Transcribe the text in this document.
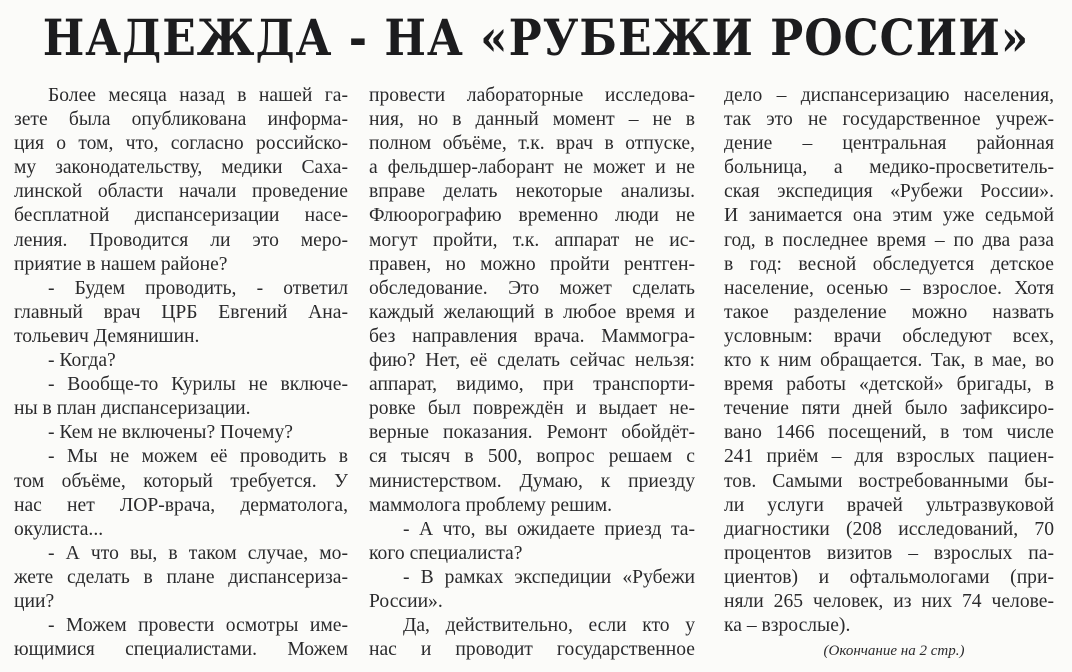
НАДЕЖДА - НА «РУБЕЖИ РОССИИ»
Более месяца назад в нашей га-
зете была опубликована информа-
ция о том, что, согласно российско-
му законодательству, медики Саха-
линской области начали проведение
бесплатной диспансеризации насе-
ления. Проводится ли это меро-
приятие в нашем районе?
- Будем проводить, - ответил
главный врач ЦРБ Евгений Ана-
тольевич Демянишин.
- Когда?
- Вообще-то Курилы не включе-
ны в план диспансеризации.
- Кем не включены? Почему?
- Мы не можем её проводить в
том объёме, который требуется. У
нас нет ЛОР-врача, дерматолога,
окулиста...
- А что вы, в таком случае, мо-
жете сделать в плане диспансериза-
ции?
- Можем провести осмотры име-
ющимися специалистами. Можем
провести лабораторные исследова-
ния, но в данный момент – не в
полном объёме, т.к. врач в отпуске,
а фельдшер-лаборант не может и не
вправе делать некоторые анализы.
Флюорографию временно люди не
могут пройти, т.к. аппарат не ис-
правен, но можно пройти рентген-
обследование. Это может сделать
каждый желающий в любое время и
без направления врача. Маммогра-
фию? Нет, её сделать сейчас нельзя:
аппарат, видимо, при транспорти-
ровке был повреждён и выдает не-
верные показания. Ремонт обойдёт-
ся тысяч в 500, вопрос решаем с
министерством. Думаю, к приезду
маммолога проблему решим.
- А что, вы ожидаете приезд та-
кого специалиста?
- В рамках экспедиции «Рубежи
России».
Да, действительно, если кто у
нас и проводит государственное
дело – диспансеризацию населения,
так это не государственное учреж-
дение – центральная районная
больница, а медико-просветитель-
ская экспедиция «Рубежи России».
И занимается она этим уже седьмой
год, в последнее время – по два раза
в год: весной обследуется детское
население, осенью – взрослое. Хотя
такое разделение можно назвать
условным: врачи обследуют всех,
кто к ним обращается. Так, в мае, во
время работы «детской» бригады, в
течение пяти дней было зафиксиро-
вано 1466 посещений, в том числе
241 приём – для взрослых пациен-
тов. Самыми востребованными бы-
ли услуги врачей ультразвуковой
диагностики (208 исследований, 70
процентов визитов – взрослых па-
циентов) и офтальмологами (при-
няли 265 человек, из них 74 челове-
ка – взрослые).
(Окончание на 2 стр.)
